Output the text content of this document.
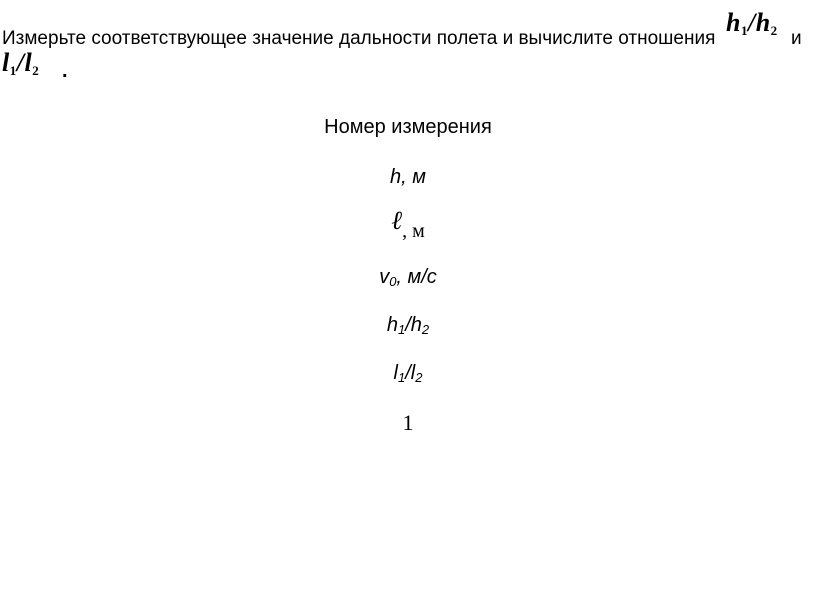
Измерьте соответствующее значение дальности полета и вычислите отношения
$h_1/h_2$ и
$l_1/l_2$ .
Номер измерения
h, м
ℓ, м
$v_0$, м/с
$h_1/h_2$
$l_1/l_2$
1
